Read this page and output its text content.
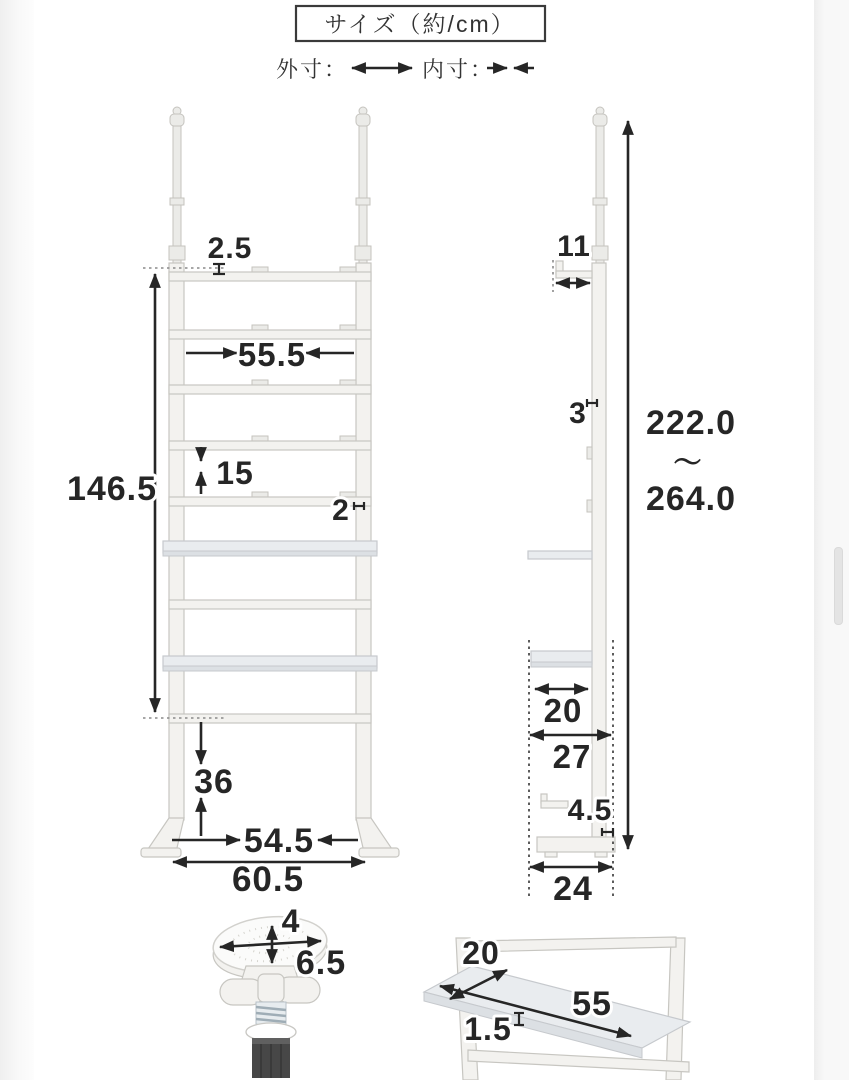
サイズ（約/cm）
外寸：	内寸：
146.5
2.5
55.5
15
2
36
54.5
60.5
11
3 222.0
〜
264.0
20
27
4.5
24
4
6.5	20
55
1.5
